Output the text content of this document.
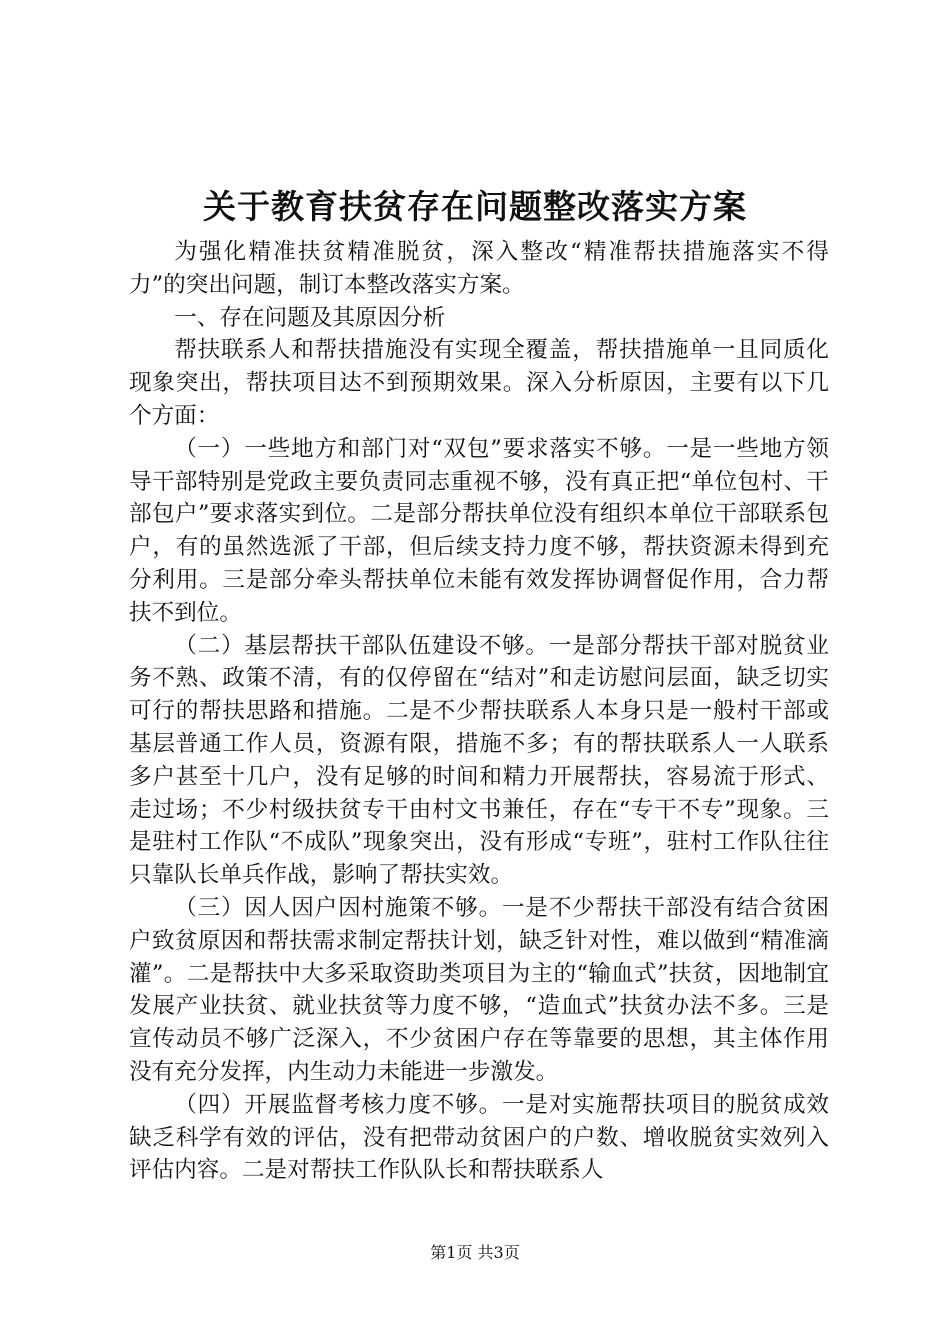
关于教育扶贫存在问题整改落实方案

为强化精准扶贫精准脱贫，深入整改“精准帮扶措施落实不得力”的突出问题，制订本整改落实方案。

一、存在问题及其原因分析

帮扶联系人和帮扶措施没有实现全覆盖，帮扶措施单一且同质化现象突出，帮扶项目达不到预期效果。深入分析原因，主要有以下几个方面：

（一）一些地方和部门对“双包”要求落实不够。一是一些地方领导干部特别是党政主要负责同志重视不够，没有真正把“单位包村、干部包户”要求落实到位。二是部分帮扶单位没有组织本单位干部联系包户，有的虽然选派了干部，但后续支持力度不够，帮扶资源未得到充分利用。三是部分牵头帮扶单位未能有效发挥协调督促作用，合力帮扶不到位。

（二）基层帮扶干部队伍建设不够。一是部分帮扶干部对脱贫业务不熟、政策不清，有的仅停留在“结对”和走访慰问层面，缺乏切实可行的帮扶思路和措施。二是不少帮扶联系人本身只是一般村干部或基层普通工作人员，资源有限，措施不多；有的帮扶联系人一人联系多户甚至十几户，没有足够的时间和精力开展帮扶，容易流于形式、走过场；不少村级扶贫专干由村文书兼任，存在“专干不专”现象。三是驻村工作队“不成队”现象突出，没有形成“专班”，驻村工作队往往只靠队长单兵作战，影响了帮扶实效。

（三）因人因户因村施策不够。一是不少帮扶干部没有结合贫困户致贫原因和帮扶需求制定帮扶计划，缺乏针对性，难以做到“精准滴灌”。二是帮扶中大多采取资助类项目为主的“输血式”扶贫，因地制宜发展产业扶贫、就业扶贫等力度不够，“造血式”扶贫办法不多。三是宣传动员不够广泛深入，不少贫困户存在等靠要的思想，其主体作用没有充分发挥，内生动力未能进一步激发。

（四）开展监督考核力度不够。一是对实施帮扶项目的脱贫成效缺乏科学有效的评估，没有把带动贫困户的户数、增收脱贫实效列入评估内容。二是对帮扶工作队队长和帮扶联系人

第1页 共3页
